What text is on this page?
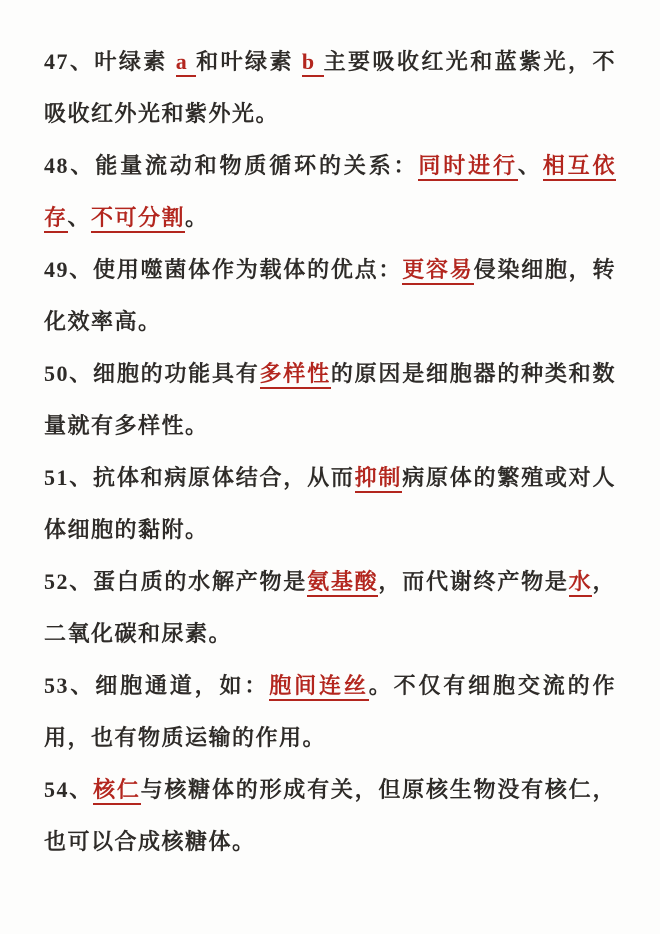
47、叶绿素 a 和叶绿素 b 主要吸收红光和蓝紫光，不吸收红外光和紫外光。

48、能量流动和物质循环的关系：同时进行、相互依存、不可分割。

49、使用噬菌体作为载体的优点：更容易侵染细胞，转化效率高。

50、细胞的功能具有多样性的原因是细胞器的种类和数量就有多样性。

51、抗体和病原体结合，从而抑制病原体的繁殖或对人体细胞的黏附。

52、蛋白质的水解产物是氨基酸，而代谢终产物是水，二氧化碳和尿素。

53、细胞通道，如：胞间连丝。不仅有细胞交流的作用，也有物质运输的作用。

54、核仁与核糖体的形成有关，但原核生物没有核仁，也可以合成核糖体。
